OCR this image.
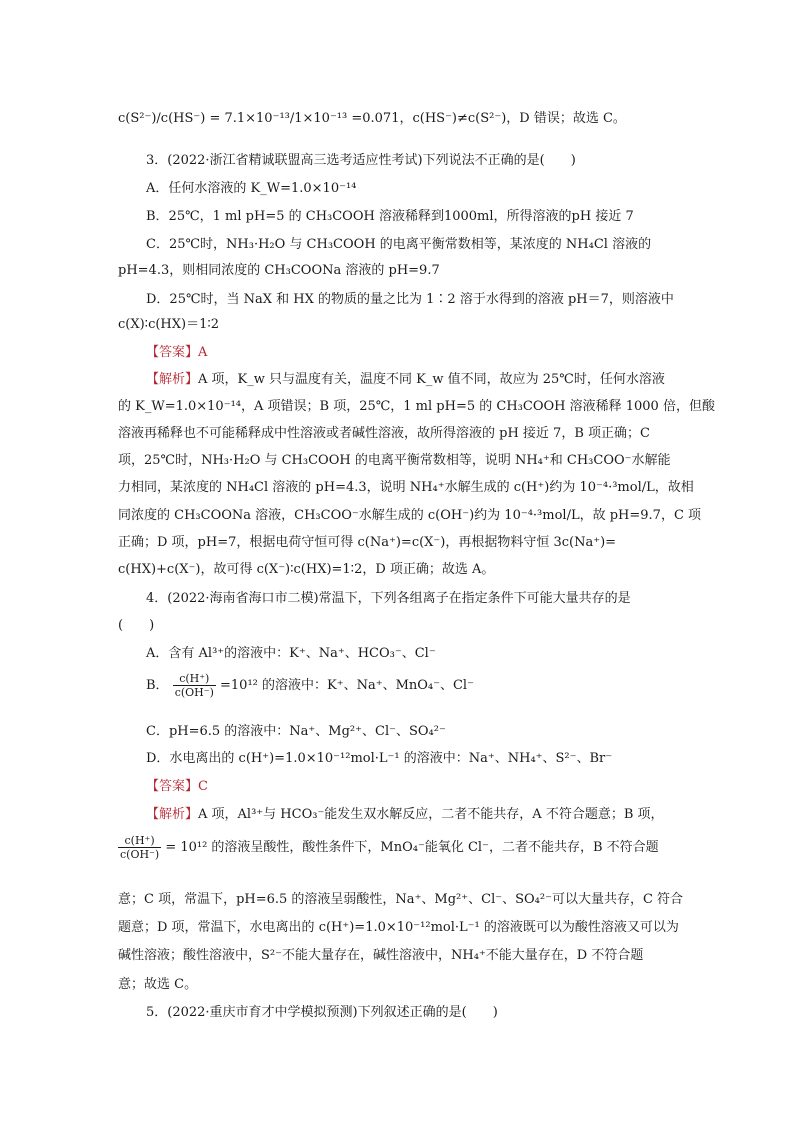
c(S²⁻)/c(HS⁻) = 7.1×10⁻¹³/1×10⁻¹³ =0.071，c(HS⁻)≠c(S²⁻)，D 错误；故选 C。
3．(2022·浙江省精诚联盟高三选考适应性考试)下列说法不正确的是(　　)
A．任何水溶液的 K_W=1.0×10⁻¹⁴
B．25℃，1 ml pH=5 的 CH₃COOH 溶液稀释到1000ml，所得溶液的pH 接近 7
C．25℃时，NH₃·H₂O 与 CH₃COOH 的电离平衡常数相等，某浓度的 NH₄Cl 溶液的
pH=4.3，则相同浓度的 CH₃COONa 溶液的 pH=9.7
D．25℃时，当 NaX 和 HX 的物质的量之比为 1∶2 溶于水得到的溶液 pH＝7，则溶液中
c(X)∶c(HX)＝1∶2
【答案】A
【解析】A 项，K_w 只与温度有关，温度不同 K_w 值不同，故应为 25℃时，任何水溶液
的 K_W=1.0×10⁻¹⁴，A 项错误；B 项，25℃，1 ml pH=5 的 CH₃COOH 溶液稀释 1000 倍，但酸
溶液再稀释也不可能稀释成中性溶液或者碱性溶液，故所得溶液的 pH 接近 7，B 项正确；C
项，25℃时，NH₃·H₂O 与 CH₃COOH 的电离平衡常数相等，说明 NH₄⁺和 CH₃COO⁻水解能
力相同，某浓度的 NH₄Cl 溶液的 pH=4.3，说明 NH₄⁺水解生成的 c(H⁺)约为 10⁻⁴·³mol/L，故相
同浓度的 CH₃COONa 溶液，CH₃COO⁻水解生成的 c(OH⁻)约为 10⁻⁴·³mol/L，故 pH=9.7，C 项
正确；D 项，pH=7，根据电荷守恒可得 c(Na⁺)=c(X⁻)，再根据物料守恒 3c(Na⁺)=
c(HX)+c(X⁻)，故可得 c(X⁻)∶c(HX)=1∶2，D 项正确；故选 A。
4．(2022·海南省海口市二模)常温下，下列各组离子在指定条件下可能大量共存的是
(　　)
A．含有 Al³⁺的溶液中：K⁺、Na⁺、HCO₃⁻、Cl⁻
B． $\frac{c(H^+)}{c(OH^-)} =10^{12}$ 的溶液中：K⁺、Na⁺、MnO₄⁻、Cl⁻
C．pH=6.5 的溶液中：Na⁺、Mg²⁺、Cl⁻、SO₄²⁻
D．水电离出的 c(H⁺)=1.0×10⁻¹²mol·L⁻¹ 的溶液中：Na⁺、NH₄⁺、S²⁻、Br⁻
【答案】C
【解析】A 项，Al³⁺与 HCO₃⁻能发生双水解反应，二者不能共存，A 不符合题意；B 项，
$\frac{c(H^+)}{c(OH^-)} = 10^{12}$ 的溶液呈酸性，酸性条件下，MnO₄⁻能氧化 Cl⁻，二者不能共存，B 不符合题
意；C 项，常温下，pH=6.5 的溶液呈弱酸性，Na⁺、Mg²⁺、Cl⁻、SO₄²⁻可以大量共存，C 符合
题意；D 项，常温下，水电离出的 c(H⁺)=1.0×10⁻¹²mol·L⁻¹ 的溶液既可以为酸性溶液又可以为
碱性溶液；酸性溶液中，S²⁻不能大量存在，碱性溶液中，NH₄⁺不能大量存在，D 不符合题
意；故选 C。
5．(2022·重庆市育才中学模拟预测)下列叙述正确的是(　　)
